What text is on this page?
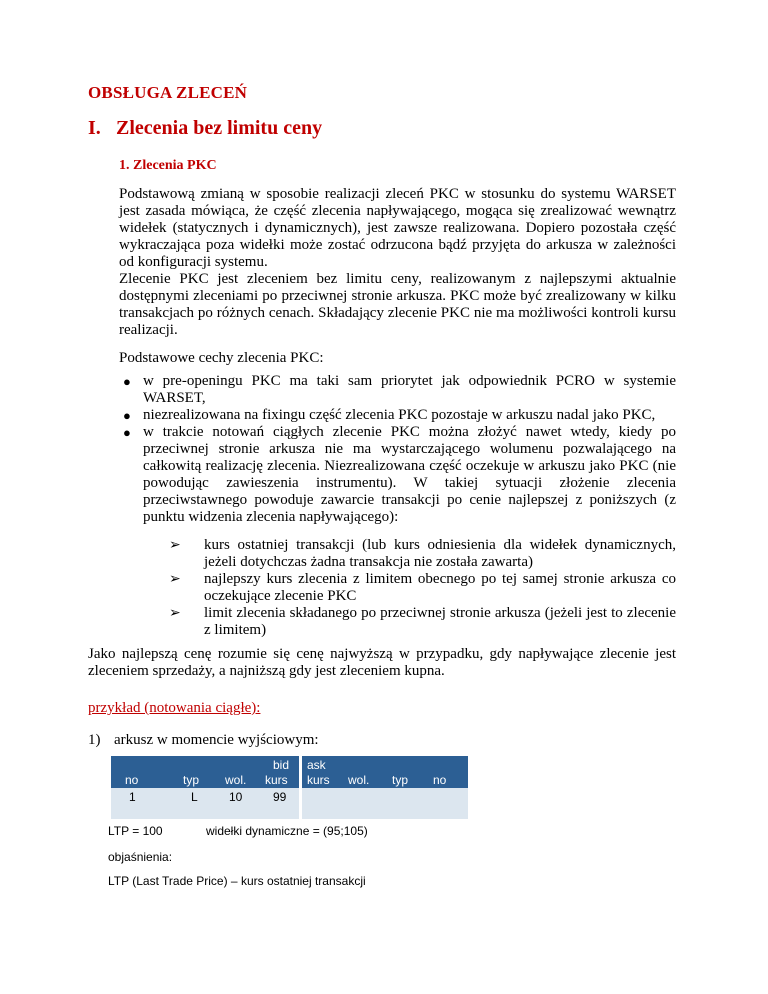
OBSŁUGA ZLECEŃ
I. Zlecenia bez limitu ceny
1. Zlecenia PKC

Podstawową zmianą w sposobie realizacji zleceń PKC w stosunku do systemu WARSET jest zasada mówiąca, że część zlecenia napływającego, mogąca się zrealizować wewnątrz widełek (statycznych i dynamicznych), jest zawsze realizowana. Dopiero pozostała część wykraczająca poza widełki może zostać odrzucona bądź przyjęta do arkusza w zależności od konfiguracji systemu.

Zlecenie PKC jest zleceniem bez limitu ceny, realizowanym z najlepszymi aktualnie dostępnymi zleceniami po przeciwnej stronie arkusza. PKC może być zrealizowany w kilku transakcjach po różnych cenach. Składający zlecenie PKC nie ma możliwości kontroli kursu realizacji.

Podstawowe cechy zlecenia PKC:

● w pre-openingu PKC ma taki sam priorytet jak odpowiednik PCRO w systemie WARSET,
● niezrealizowana na fixingu część zlecenia PKC pozostaje w arkuszu nadal jako PKC,
● w trakcie notowań ciągłych zlecenie PKC można złożyć nawet wtedy, kiedy po przeciwnej stronie arkusza nie ma wystarczającego wolumenu pozwalającego na całkowitą realizację zlecenia. Niezrealizowana część oczekuje w arkuszu jako PKC (nie powodując zawieszenia instrumentu). W takiej sytuacji złożenie zlecenia przeciwstawnego powoduje zawarcie transakcji po cenie najlepszej z poniższych (z punktu widzenia zlecenia napływającego):
➢ kurs ostatniej transakcji (lub kurs odniesienia dla widełek dynamicznych, jeżeli dotychczas żadna transakcja nie została zawarta)
➢ najlepszy kurs zlecenia z limitem obecnego po tej samej stronie arkusza co oczekujące zlecenie PKC
➢ limit zlecenia składanego po przeciwnej stronie arkusza (jeżeli jest to zlecenie z limitem)

Jako najlepszą cenę rozumie się cenę najwyższą w przypadku, gdy napływające zlecenie jest zleceniem sprzedaży, a najniższą gdy jest zleceniem kupna.

przykład (notowania ciągłe):

1) arkusz w momencie wyjściowym:

bid ask
no	typ wol. kurs kurs wol. typ no
1	L	10	99
LTP = 100	widełki dynamiczne = (95;105)
objaśnienia:
LTP (Last Trade Price) – kurs ostatniej transakcji
